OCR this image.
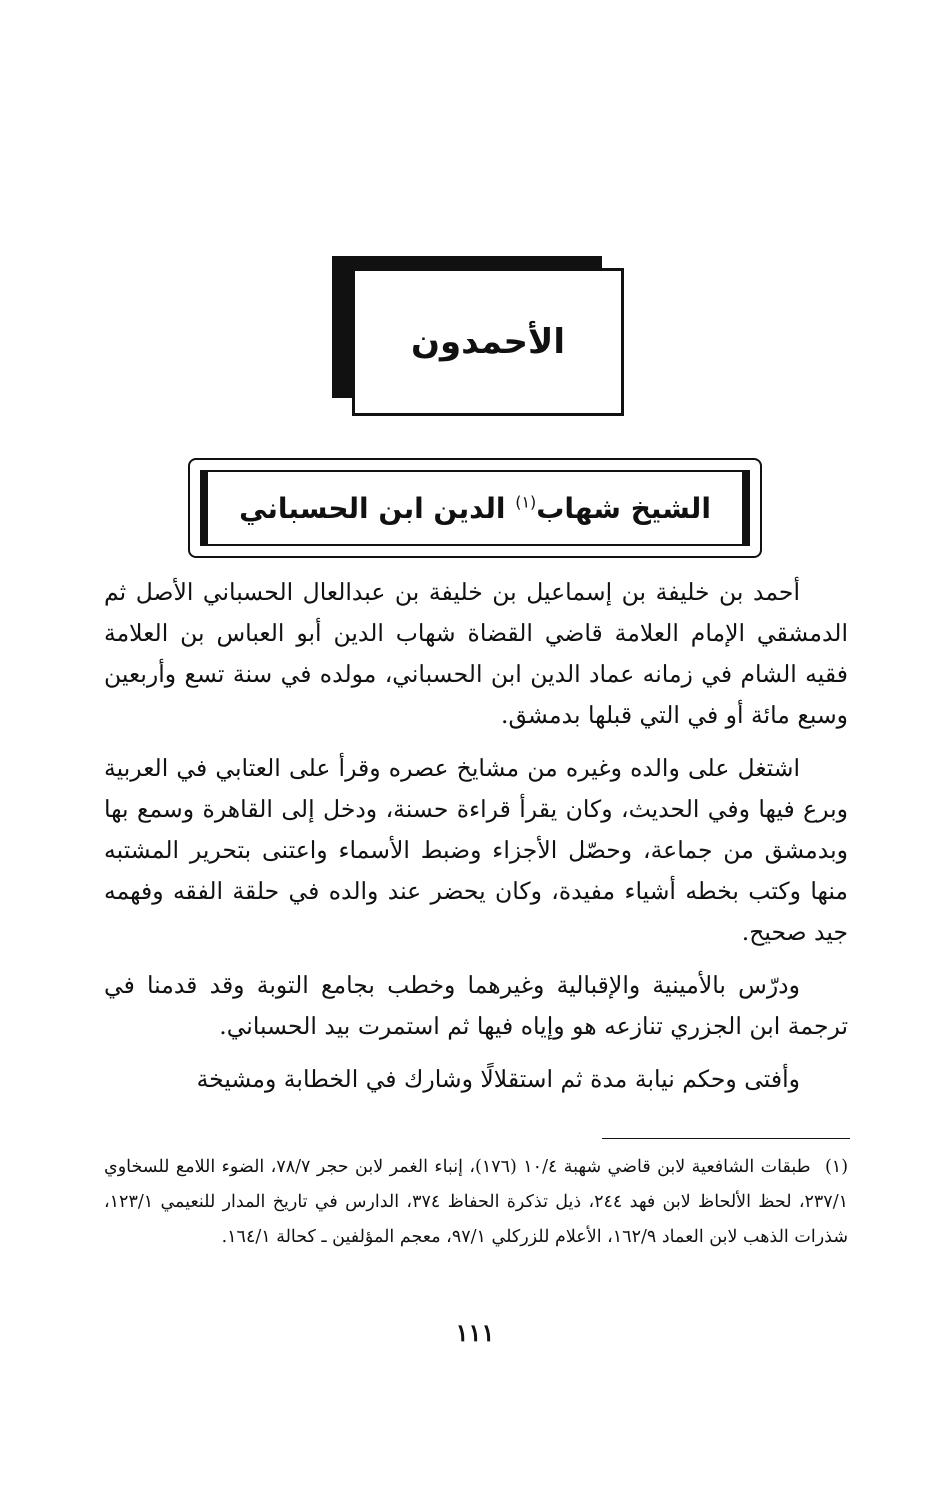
الأحمدون
الشيخ شهاب$^{(١)}$ الدين ابن الحسباني

أحمد بن خليفة بن إسماعيل بن خليفة بن عبدالعال الحسباني الأصل ثم الدمشقي الإمام العلامة قاضي القضاة شهاب الدين أبو العباس بن العلامة فقيه الشام في زمانه عماد الدين ابن الحسباني، مولده في سنة تسع وأربعين وسبع مائة أو في التي قبلها بدمشق.

اشتغل على والده وغيره من مشايخ عصره وقرأ على العتابي في العربية وبرع فيها وفي الحديث، وكان يقرأ قراءة حسنة، ودخل إلى القاهرة وسمع بها وبدمشق من جماعة، وحصّل الأجزاء وضبط الأسماء واعتنى بتحرير المشتبه منها وكتب بخطه أشياء مفيدة، وكان يحضر عند والده في حلقة الفقه وفهمه جيد صحيح.

ودرّس بالأمينية والإقبالية وغيرهما وخطب بجامع التوبة وقد قدمنا في ترجمة ابن الجزري تنازعه هو وإياه فيها ثم استمرت بيد الحسباني.

وأفتى وحكم نيابة مدة ثم استقلالًا وشارك في الخطابة ومشيخة

(١) طبقات الشافعية لابن قاضي شهبة ١٠/٤ (١٧٦)، إنباء الغمر لابن حجر ٧٨/٧، الضوء اللامع للسخاوي ٢٣٧/١، لحظ الألحاظ لابن فهد ٢٤٤، ذيل تذكرة الحفاظ ٣٧٤، الدارس في تاريخ المدار للنعيمي ١٢٣/١، شذرات الذهب لابن العماد ١٦٢/٩، الأعلام للزركلي ٩٧/١، معجم المؤلفين ـ كحالة ١٦٤/١.
١١١
